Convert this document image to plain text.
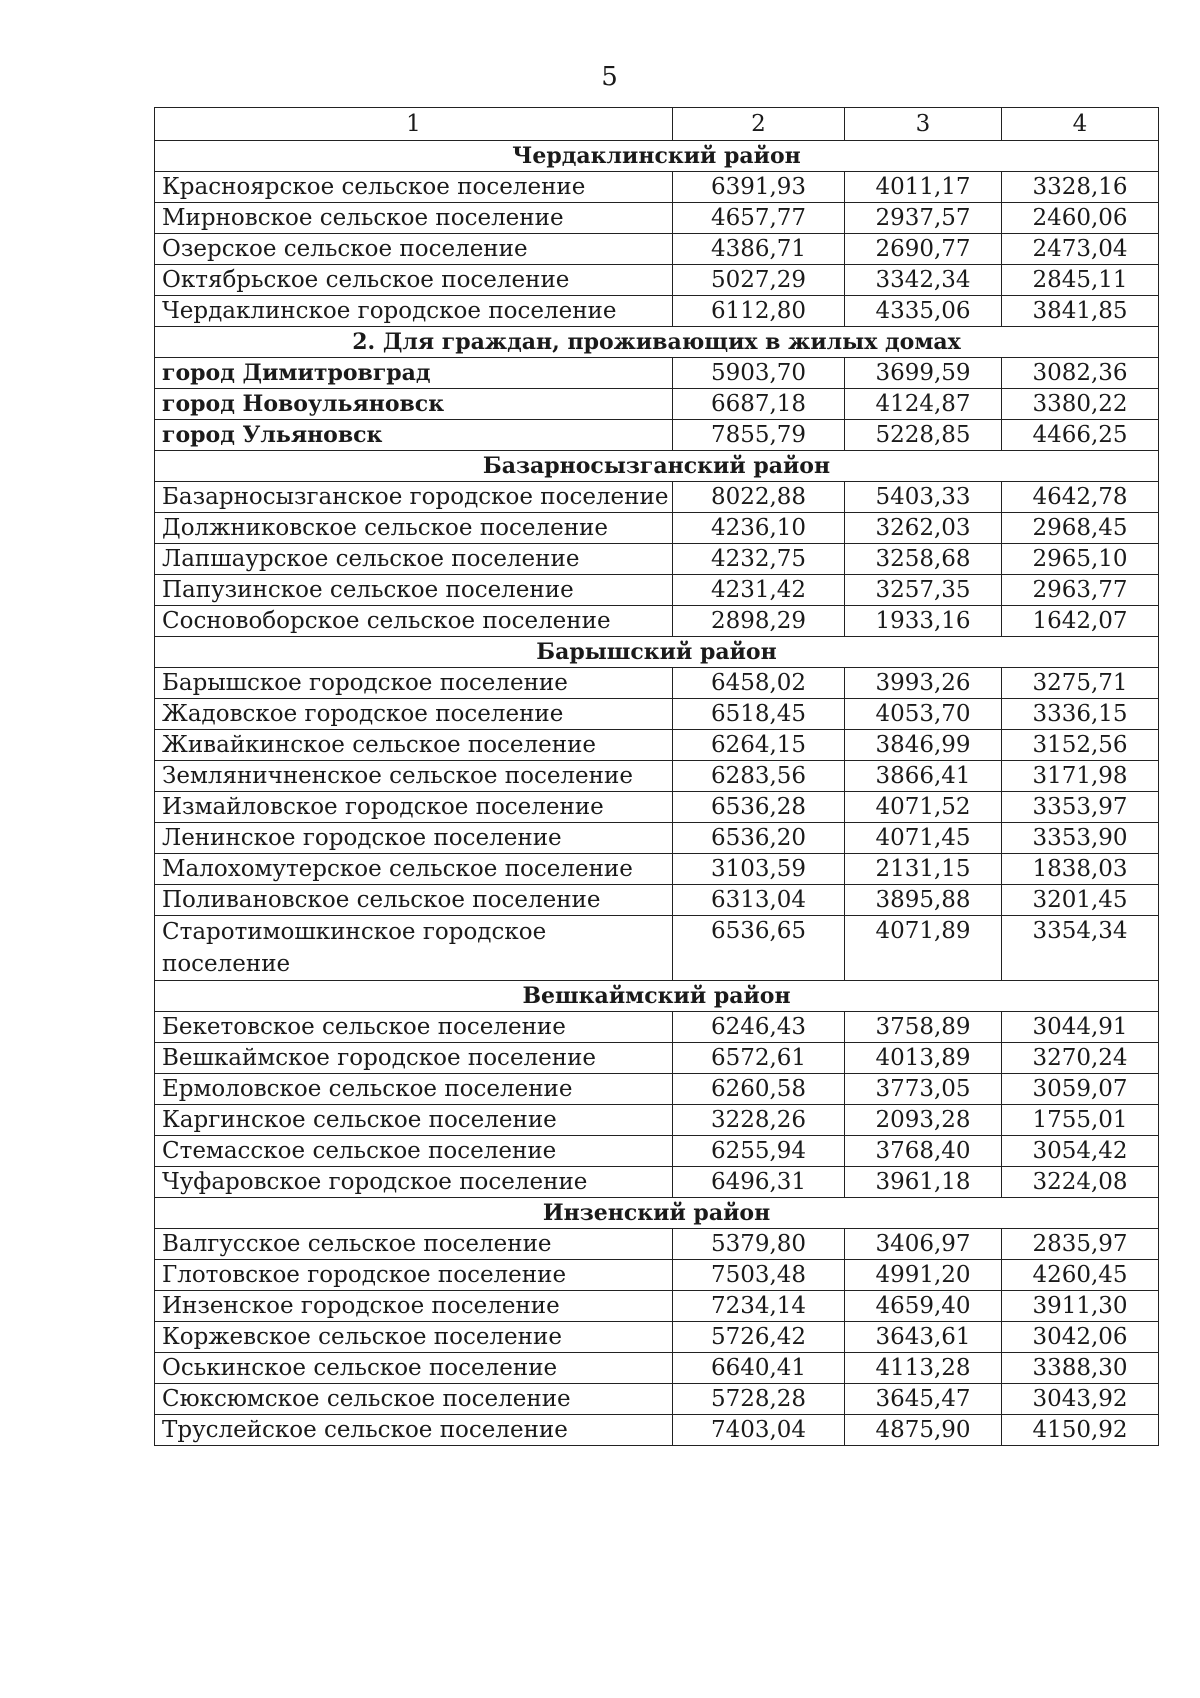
5
1	2	3	4
Чердаклинский район			
Красноярское сельское поселение	6391,93	4011,17	3328,16
Мирновское сельское поселение	4657,77	2937,57	2460,06
Озерское сельское поселение	4386,71	2690,77	2473,04
Октябрьское сельское поселение	5027,29	3342,34	2845,11
Чердаклинское городское поселение	6112,80	4335,06	3841,85
2. Для граждан, проживающих в жилых домах			
город Димитровград	5903,70	3699,59	3082,36
город Новоульяновск	6687,18	4124,87	3380,22
город Ульяновск	7855,79	5228,85	4466,25
Базарносызганский район			
Базарносызганское городское поселение	8022,88	5403,33	4642,78
Должниковское сельское поселение	4236,10	3262,03	2968,45
Лапшаурское сельское поселение	4232,75	3258,68	2965,10
Папузинское сельское поселение	4231,42	3257,35	2963,77
Сосновоборское сельское поселение	2898,29	1933,16	1642,07
Барышский район			
Барышское городское поселение	6458,02	3993,26	3275,71
Жадовское городское поселение	6518,45	4053,70	3336,15
Живайкинское сельское поселение	6264,15	3846,99	3152,56
Земляничненское сельское поселение	6283,56	3866,41	3171,98
Измайловское городское поселение	6536,28	4071,52	3353,97
Ленинское городское поселение	6536,20	4071,45	3353,90
Малохомутерское сельское поселение	3103,59	2131,15	1838,03
Поливановское сельское поселение	6313,04	3895,88	3201,45
Старотимошкинское городское поселение	6536,65	4071,89	3354,34
Вешкаймский район			
Бекетовское сельское поселение	6246,43	3758,89	3044,91
Вешкаймское городское поселение	6572,61	4013,89	3270,24
Ермоловское сельское поселение	6260,58	3773,05	3059,07
Каргинское сельское поселение	3228,26	2093,28	1755,01
Стемасское сельское поселение	6255,94	3768,40	3054,42
Чуфаровское городское поселение	6496,31	3961,18	3224,08
Инзенский район			
Валгусское сельское поселение	5379,80	3406,97	2835,97
Глотовское городское поселение	7503,48	4991,20	4260,45
Инзенское городское поселение	7234,14	4659,40	3911,30
Коржевское сельское поселение	5726,42	3643,61	3042,06
Оськинское сельское поселение	6640,41	4113,28	3388,30
Сюксюмское сельское поселение	5728,28	3645,47	3043,92
Труслейское сельское поселение	7403,04	4875,90	4150,92
